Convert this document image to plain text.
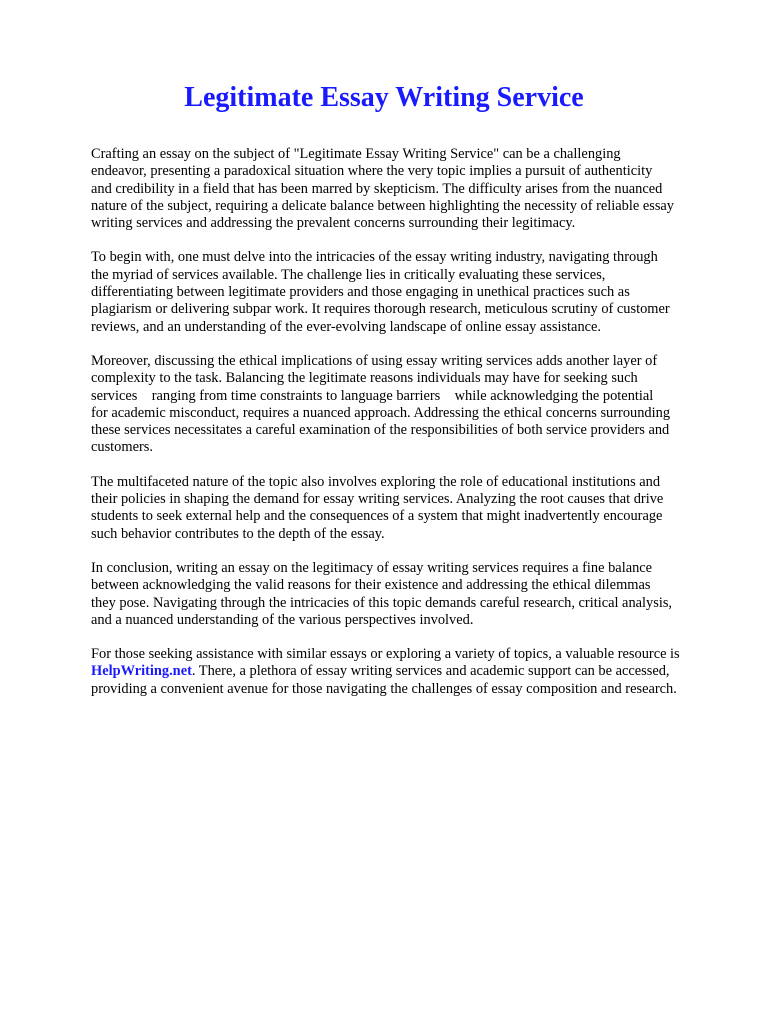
Legitimate Essay Writing Service

Crafting an essay on the subject of "Legitimate Essay Writing Service" can be a challenging
endeavor, presenting a paradoxical situation where the very topic implies a pursuit of authenticity
and credibility in a field that has been marred by skepticism. The difficulty arises from the nuanced
nature of the subject, requiring a delicate balance between highlighting the necessity of reliable essay
writing services and addressing the prevalent concerns surrounding their legitimacy.

To begin with, one must delve into the intricacies of the essay writing industry, navigating through
the myriad of services available. The challenge lies in critically evaluating these services,
differentiating between legitimate providers and those engaging in unethical practices such as
plagiarism or delivering subpar work. It requires thorough research, meticulous scrutiny of customer
reviews, and an understanding of the ever-evolving landscape of online essay assistance.

Moreover, discussing the ethical implications of using essay writing services adds another layer of
complexity to the task. Balancing the legitimate reasons individuals may have for seeking such
services    ranging from time constraints to language barriers    while acknowledging the potential
for academic misconduct, requires a nuanced approach. Addressing the ethical concerns surrounding
these services necessitates a careful examination of the responsibilities of both service providers and
customers.

The multifaceted nature of the topic also involves exploring the role of educational institutions and
their policies in shaping the demand for essay writing services. Analyzing the root causes that drive
students to seek external help and the consequences of a system that might inadvertently encourage
such behavior contributes to the depth of the essay.

In conclusion, writing an essay on the legitimacy of essay writing services requires a fine balance
between acknowledging the valid reasons for their existence and addressing the ethical dilemmas
they pose. Navigating through the intricacies of this topic demands careful research, critical analysis,
and a nuanced understanding of the various perspectives involved.

For those seeking assistance with similar essays or exploring a variety of topics, a valuable resource is
HelpWriting.net. There, a plethora of essay writing services and academic support can be accessed,
providing a convenient avenue for those navigating the challenges of essay composition and research.
